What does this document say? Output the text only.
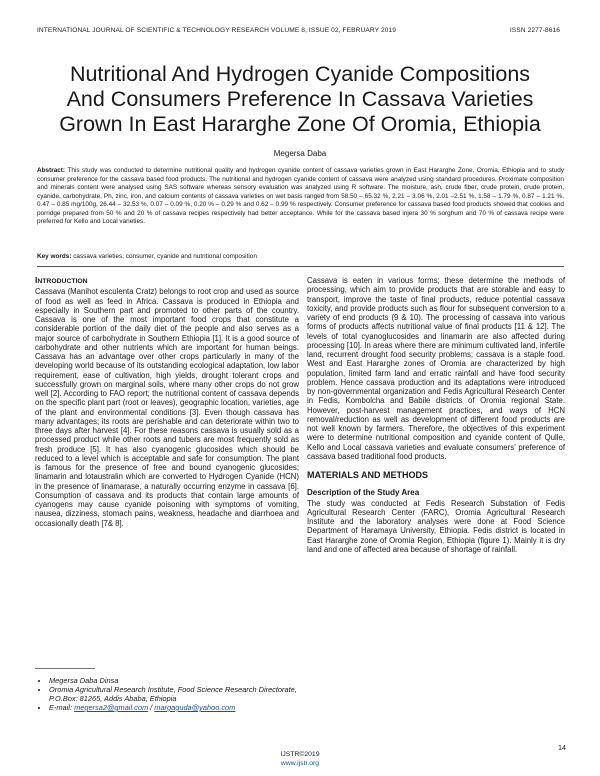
INTERNATIONAL JOURNAL OF SCIENTIFIC & TECHNOLOGY RESEARCH VOLUME 8, ISSUE 02, FEBRUARY 2019	ISSN 2277-8616
Nutritional And Hydrogen Cyanide Compositions
And Consumers Preference In Cassava Varieties
Grown In East Hararghe Zone Of Oromia, Ethiopia
Megersa Daba
Abstract: This study was conducted to determine nutritional quality and hydrogen cyanide content of cassava varieties grown in East Hararghe Zone, Oromia, Ethiopia and to study consumer preference for the cassava based food products. The nutritional and hydrogen cyanide content of cassava were analyzed using standard procedures. Proximate composition and minerals content were analysed using SAS software whereas sensory evaluation was analyzed using R software. The moisture, ash, crude fiber, crude protein, crude protein, cyanide, carbohydrate, Ph, zinc, iron, and calcium contents of cassava varieties on wet basis ranged from 58.50 – 65.32 %, 2.21 – 3.06 %, 2.01 –2.51 %, 1.58 – 1.79 %, 0.87 – 1.21 %, 0.47 – 0.85 mg/100g, 26.44 – 32.53 %, 0.07 – 0.09 %, 0.20 % – 0.29 % and 0.62 – 0.99 % respectively. Consumer preference for cassava based food products showed that cookies and porridge prepared from 50 % and 20 % of cassava recipes respectively had better acceptance. While for the cassava based injera 30 % sorghum and 70 % of cassava recipe were preferred for Kello and Local varieties.
Key words: cassava varieties, consumer, cyanide and nutritional composition
INTRODUCTION

Cassava (Manihot esculenta Cratz) belongs to root crop and used as source of food as well as feed in Africa. Cassava is produced in Ethiopia and especially in Southern part and promoted to other parts of the country. Cassava is one of the most important food crops that constitute a considerable portion of the daily diet of the people and also serves as a major source of carbohydrate in Southern Ethiopia [1]. It is a good source of carbohydrate and other nutrients which are important for human beings. Cassava has an advantage over other crops particularly in many of the developing world because of its outstanding ecological adaptation, low labor requirement, ease of cultivation, high yields, drought tolerant crops and successfully grown on marginal soils, where many other crops do not grow well [2]. According to FAO report; the nutritional content of cassava depends on the specific plant part (root or leaves), geographic location, varieties, age of the plant and environmental conditions [3]. Even though cassava has many advantages; its roots are perishable and can deteriorate within two to three days after harvest [4]. For these reasons cassava is usually sold as a processed product while other roots and tubers are most frequently sold as fresh produce [5]. It has also cyanogenic glucosides which should be reduced to a level which is acceptable and safe for consumption. The plant is famous for the presence of free and bound cyanogenic glucosides; linamarin and lotaustralin which are converted to Hydrogen Cyanide (HCN) in the presence of linamarase, a naturally occurring enzyme in cassava [6]. Consumption of cassava and its products that contain large amounts of cyanogens may cause cyanide poisoning with symptoms of vomiting, nausea, dizziness, stomach pains, weakness, headache and diarrhoea and occasionally death [7& 8].

Cassava is eaten in various forms; these determine the methods of processing, which aim to provide products that are storable and easy to transport, improve the taste of final products, reduce potential cassava toxicity, and provide products such as flour for subsequent conversion to a variety of end products (9 & 10). The processing of cassava into various forms of products affects nutritional value of final products [11 & 12]. The levels of total cyanoglucosides and linamarin are also affected during processing [10]. In areas where there are minimum cultivated land, infertile land, recurrent drought food security problems; cassava is a staple food. West and East Hararghe zones of Oromia are characterized by high population, limited farm land and erratic rainfall and have food security problem. Hence cassava production and its adaptations were introduced by non-governmental organization and Fedis Agricultural Research Center in Fedis, Kombolcha and Babile districts of Oromia regional State. However, post-harvest management practices, and ways of HCN removal/reduction as well as development of different food products are not well known by farmers. Therefore, the objectives of this experiment were to determine nutritional composition and cyanide content of Qulle, Kello and Local cassava varieties and evaluate consumers’ preference of cassava based traditional food products.

MATERIALS AND METHODS
Description of the Study Area

The study was conducted at Fedis Research Substation of Fedis Agricultural Research Center (FARC), Oromia Agricultural Research Institute and the laboratory analyses were done at Food Science Department of Haramaya University, Ethiopia. Fedis district is located in East Hararghe zone of Oromia Region, Ethiopia (figure 1). Mainly it is dry land and one of affected area because of shortage of rainfall.

• Megersa Daba Dinsa
• Oromia Agricultural Research Institute, Food Science Research Directorate, P.O.Box: 81265, Addis Ababa, Ethiopia
• E-mail: megersa2@gmail.com / margaguda@yahoo.com
14
IJSTR©2019
www.ijstr.org
